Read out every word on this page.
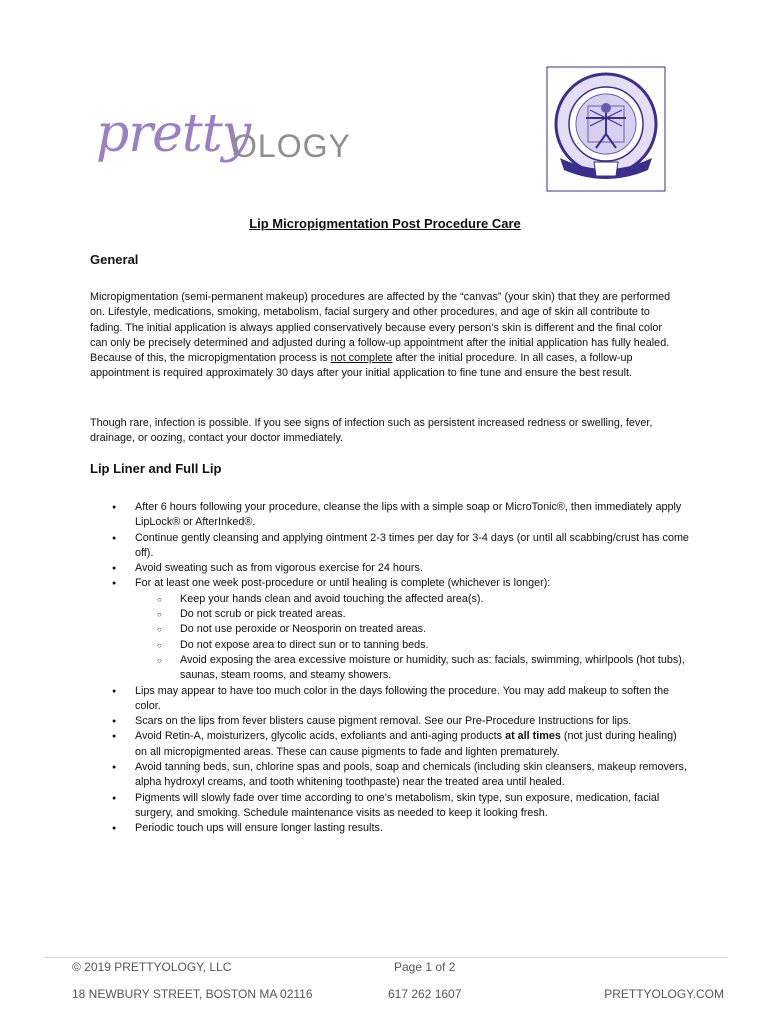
pretty
OLOGY
Lip Micropigmentation Post Procedure Care
General
Micropigmentation (semi-permanent makeup) procedures are affected by the “canvas” (your skin) that they are performed on. Lifestyle, medications, smoking, metabolism, facial surgery and other procedures, and age of skin all contribute to fading. The initial application is always applied conservatively because every person’s skin is different and the final color can only be precisely determined and adjusted during a follow-up appointment after the initial application has fully healed. Because of this, the micropigmentation process is not complete after the initial procedure. In all cases, a follow-up appointment is required approximately 30 days after your initial application to fine tune and ensure the best result.
Though rare, infection is possible. If you see signs of infection such as persistent increased redness or swelling, fever, drainage, or oozing, contact your doctor immediately.
Lip Liner and Full Lip
● After 6 hours following your procedure, cleanse the lips with a simple soap or MicroTonic®, then immediately apply LipLock® or AfterInked®.
● Continue gently cleansing and applying ointment 2-3 times per day for 3-4 days (or until all scabbing/crust has come off).
● Avoid sweating such as from vigorous exercise for 24 hours.
● For at least one week post-procedure or until healing is complete (whichever is longer):
○ Keep your hands clean and avoid touching the affected area(s).
○ Do not scrub or pick treated areas.
○ Do not use peroxide or Neosporin on treated areas.
○ Do not expose area to direct sun or to tanning beds.
○ Avoid exposing the area excessive moisture or humidity, such as: facials, swimming, whirlpools (hot tubs), saunas, steam rooms, and steamy showers.
● Lips may appear to have too much color in the days following the procedure. You may add makeup to soften the color.
● Scars on the lips from fever blisters cause pigment removal. See our Pre-Procedure Instructions for lips.
● Avoid Retin-A, moisturizers, glycolic acids, exfoliants and anti-aging products at all times (not just during healing) on all micropigmented areas. These can cause pigments to fade and lighten prematurely.
● Avoid tanning beds, sun, chlorine spas and pools, soap and chemicals (including skin cleansers, makeup removers, alpha hydroxyl creams, and tooth whitening toothpaste) near the treated area until healed.
● Pigments will slowly fade over time according to one’s metabolism, skin type, sun exposure, medication, facial surgery, and smoking. Schedule maintenance visits as needed to keep it looking fresh.
● Periodic touch ups will ensure longer lasting results.
© 2019 PRETTYOLOGY, LLC	Page 1 of 2
18 NEWBURY STREET, BOSTON MA 02116	617 262 1607	PRETTYOLOGY.COM
